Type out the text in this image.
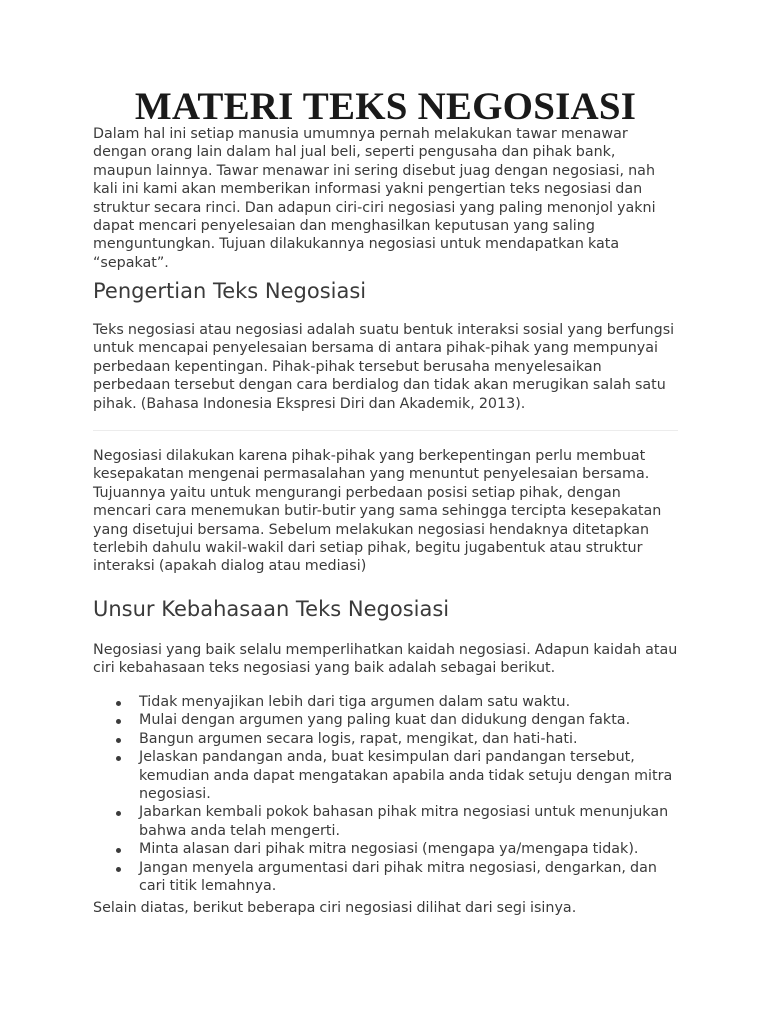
MATERI TEKS NEGOSIASI

Dalam hal ini setiap manusia umumnya pernah melakukan tawar menawar dengan orang lain dalam hal jual beli, seperti pengusaha dan pihak bank, maupun lainnya. Tawar menawar ini sering disebut juag dengan negosiasi, nah kali ini kami akan memberikan informasi yakni pengertian teks negosiasi dan struktur secara rinci. Dan adapun ciri-ciri negosiasi yang paling menonjol yakni dapat mencari penyelesaian dan menghasilkan keputusan yang saling menguntungkan. Tujuan dilakukannya negosiasi untuk mendapatkan kata “sepakat”.

Pengertian Teks Negosiasi

Teks negosiasi atau negosiasi adalah suatu bentuk interaksi sosial yang berfungsi untuk mencapai penyelesaian bersama di antara pihak-pihak yang mempunyai perbedaan kepentingan. Pihak-pihak tersebut berusaha menyelesaikan perbedaan tersebut dengan cara berdialog dan tidak akan merugikan salah satu pihak. (Bahasa Indonesia Ekspresi Diri dan Akademik, 2013).

Negosiasi dilakukan karena pihak-pihak yang berkepentingan perlu membuat kesepakatan mengenai permasalahan yang menuntut penyelesaian bersama. Tujuannya yaitu untuk mengurangi perbedaan posisi setiap pihak, dengan mencari cara menemukan butir-butir yang sama sehingga tercipta kesepakatan yang disetujui bersama. Sebelum melakukan negosiasi hendaknya ditetapkan terlebih dahulu wakil-wakil dari setiap pihak, begitu jugabentuk atau struktur interaksi (apakah dialog atau mediasi)

Unsur Kebahasaan Teks Negosiasi

Negosiasi yang baik selalu memperlihatkan kaidah negosiasi. Adapun kaidah atau ciri kebahasaan teks negosiasi yang baik adalah sebagai berikut.

Tidak menyajikan lebih dari tiga argumen dalam satu waktu.
Mulai dengan argumen yang paling kuat dan didukung dengan fakta.
Bangun argumen secara logis, rapat, mengikat, dan hati-hati.
Jelaskan pandangan anda, buat kesimpulan dari pandangan tersebut, kemudian anda dapat mengatakan apabila anda tidak setuju dengan mitra negosiasi.
Jabarkan kembali pokok bahasan pihak mitra negosiasi untuk menunjukan bahwa anda telah mengerti.
Minta alasan dari pihak mitra negosiasi (mengapa ya/mengapa tidak).
Jangan menyela argumentasi dari pihak mitra negosiasi, dengarkan, dan cari titik lemahnya.

Selain diatas, berikut beberapa ciri negosiasi dilihat dari segi isinya.
